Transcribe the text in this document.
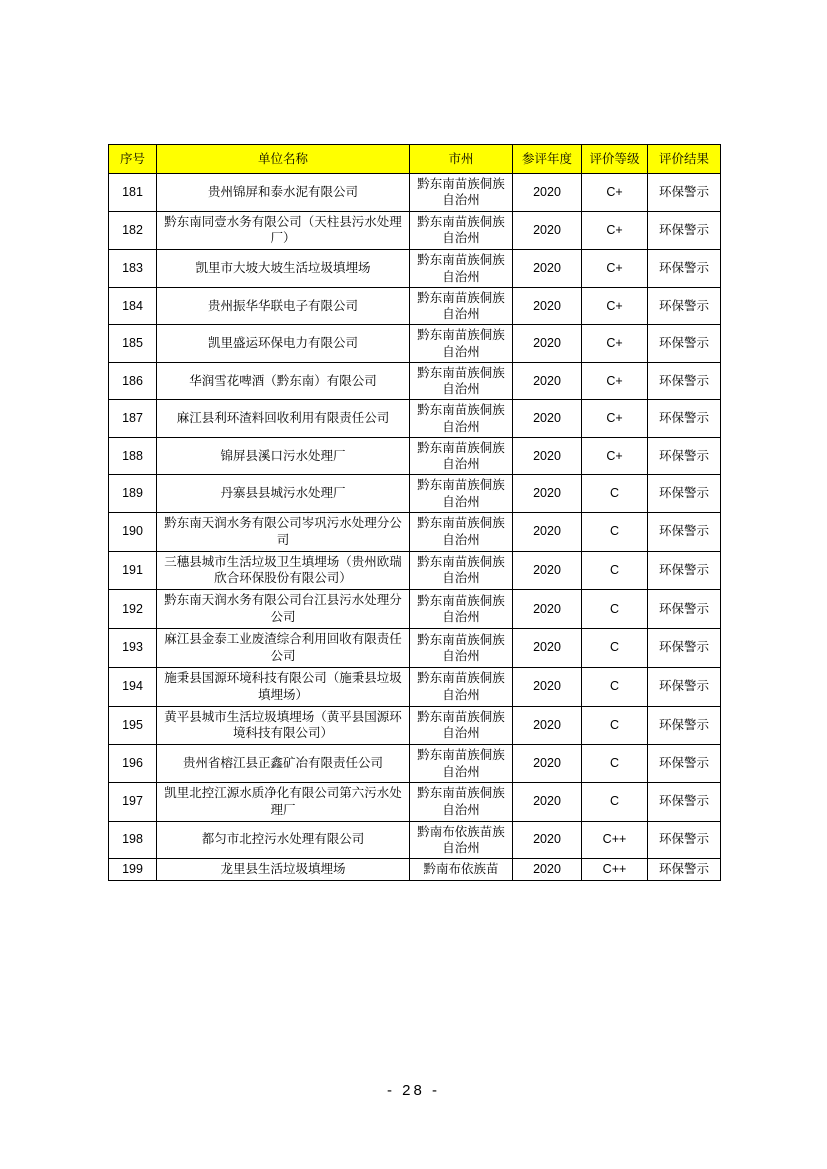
序号	单位名称	市州	参评年度	评价等级	评价结果
181	贵州锦屏和泰水泥有限公司	黔东南苗族侗族自治州	2020	C+	环保警示
182	黔东南同壹水务有限公司（天柱县污水处理厂）	黔东南苗族侗族自治州	2020	C+	环保警示
183	凯里市大坡大坡生活垃圾填埋场	黔东南苗族侗族自治州	2020	C+	环保警示
184	贵州振华华联电子有限公司	黔东南苗族侗族自治州	2020	C+	环保警示
185	凯里盛运环保电力有限公司	黔东南苗族侗族自治州	2020	C+	环保警示
186	华润雪花啤酒（黔东南）有限公司	黔东南苗族侗族自治州	2020	C+	环保警示
187	麻江县利环渣料回收利用有限责任公司	黔东南苗族侗族自治州	2020	C+	环保警示
188	锦屏县溪口污水处理厂	黔东南苗族侗族自治州	2020	C+	环保警示
189	丹寨县县城污水处理厂	黔东南苗族侗族自治州	2020	C	环保警示
190	黔东南天润水务有限公司岑巩污水处理分公司	黔东南苗族侗族自治州	2020	C	环保警示
191	三穗县城市生活垃圾卫生填埋场（贵州欧瑞欣合环保股份有限公司）	黔东南苗族侗族自治州	2020	C	环保警示
192	黔东南天润水务有限公司台江县污水处理分公司	黔东南苗族侗族自治州	2020	C	环保警示
193	麻江县金泰工业废渣综合利用回收有限责任公司	黔东南苗族侗族自治州	2020	C	环保警示
194	施秉县国源环境科技有限公司（施秉县垃圾填埋场）	黔东南苗族侗族自治州	2020	C	环保警示
195	黄平县城市生活垃圾填埋场（黄平县国源环境科技有限公司）	黔东南苗族侗族自治州	2020	C	环保警示
196	贵州省榕江县正鑫矿冶有限责任公司	黔东南苗族侗族自治州	2020	C	环保警示
197	凯里北控江源水质净化有限公司第六污水处理厂	黔东南苗族侗族自治州	2020	C	环保警示
198	都匀市北控污水处理有限公司	黔南布依族苗族自治州	2020	C++	环保警示
199	龙里县生活垃圾填埋场	黔南布依族苗	2020	C++	环保警示
- 28 -
